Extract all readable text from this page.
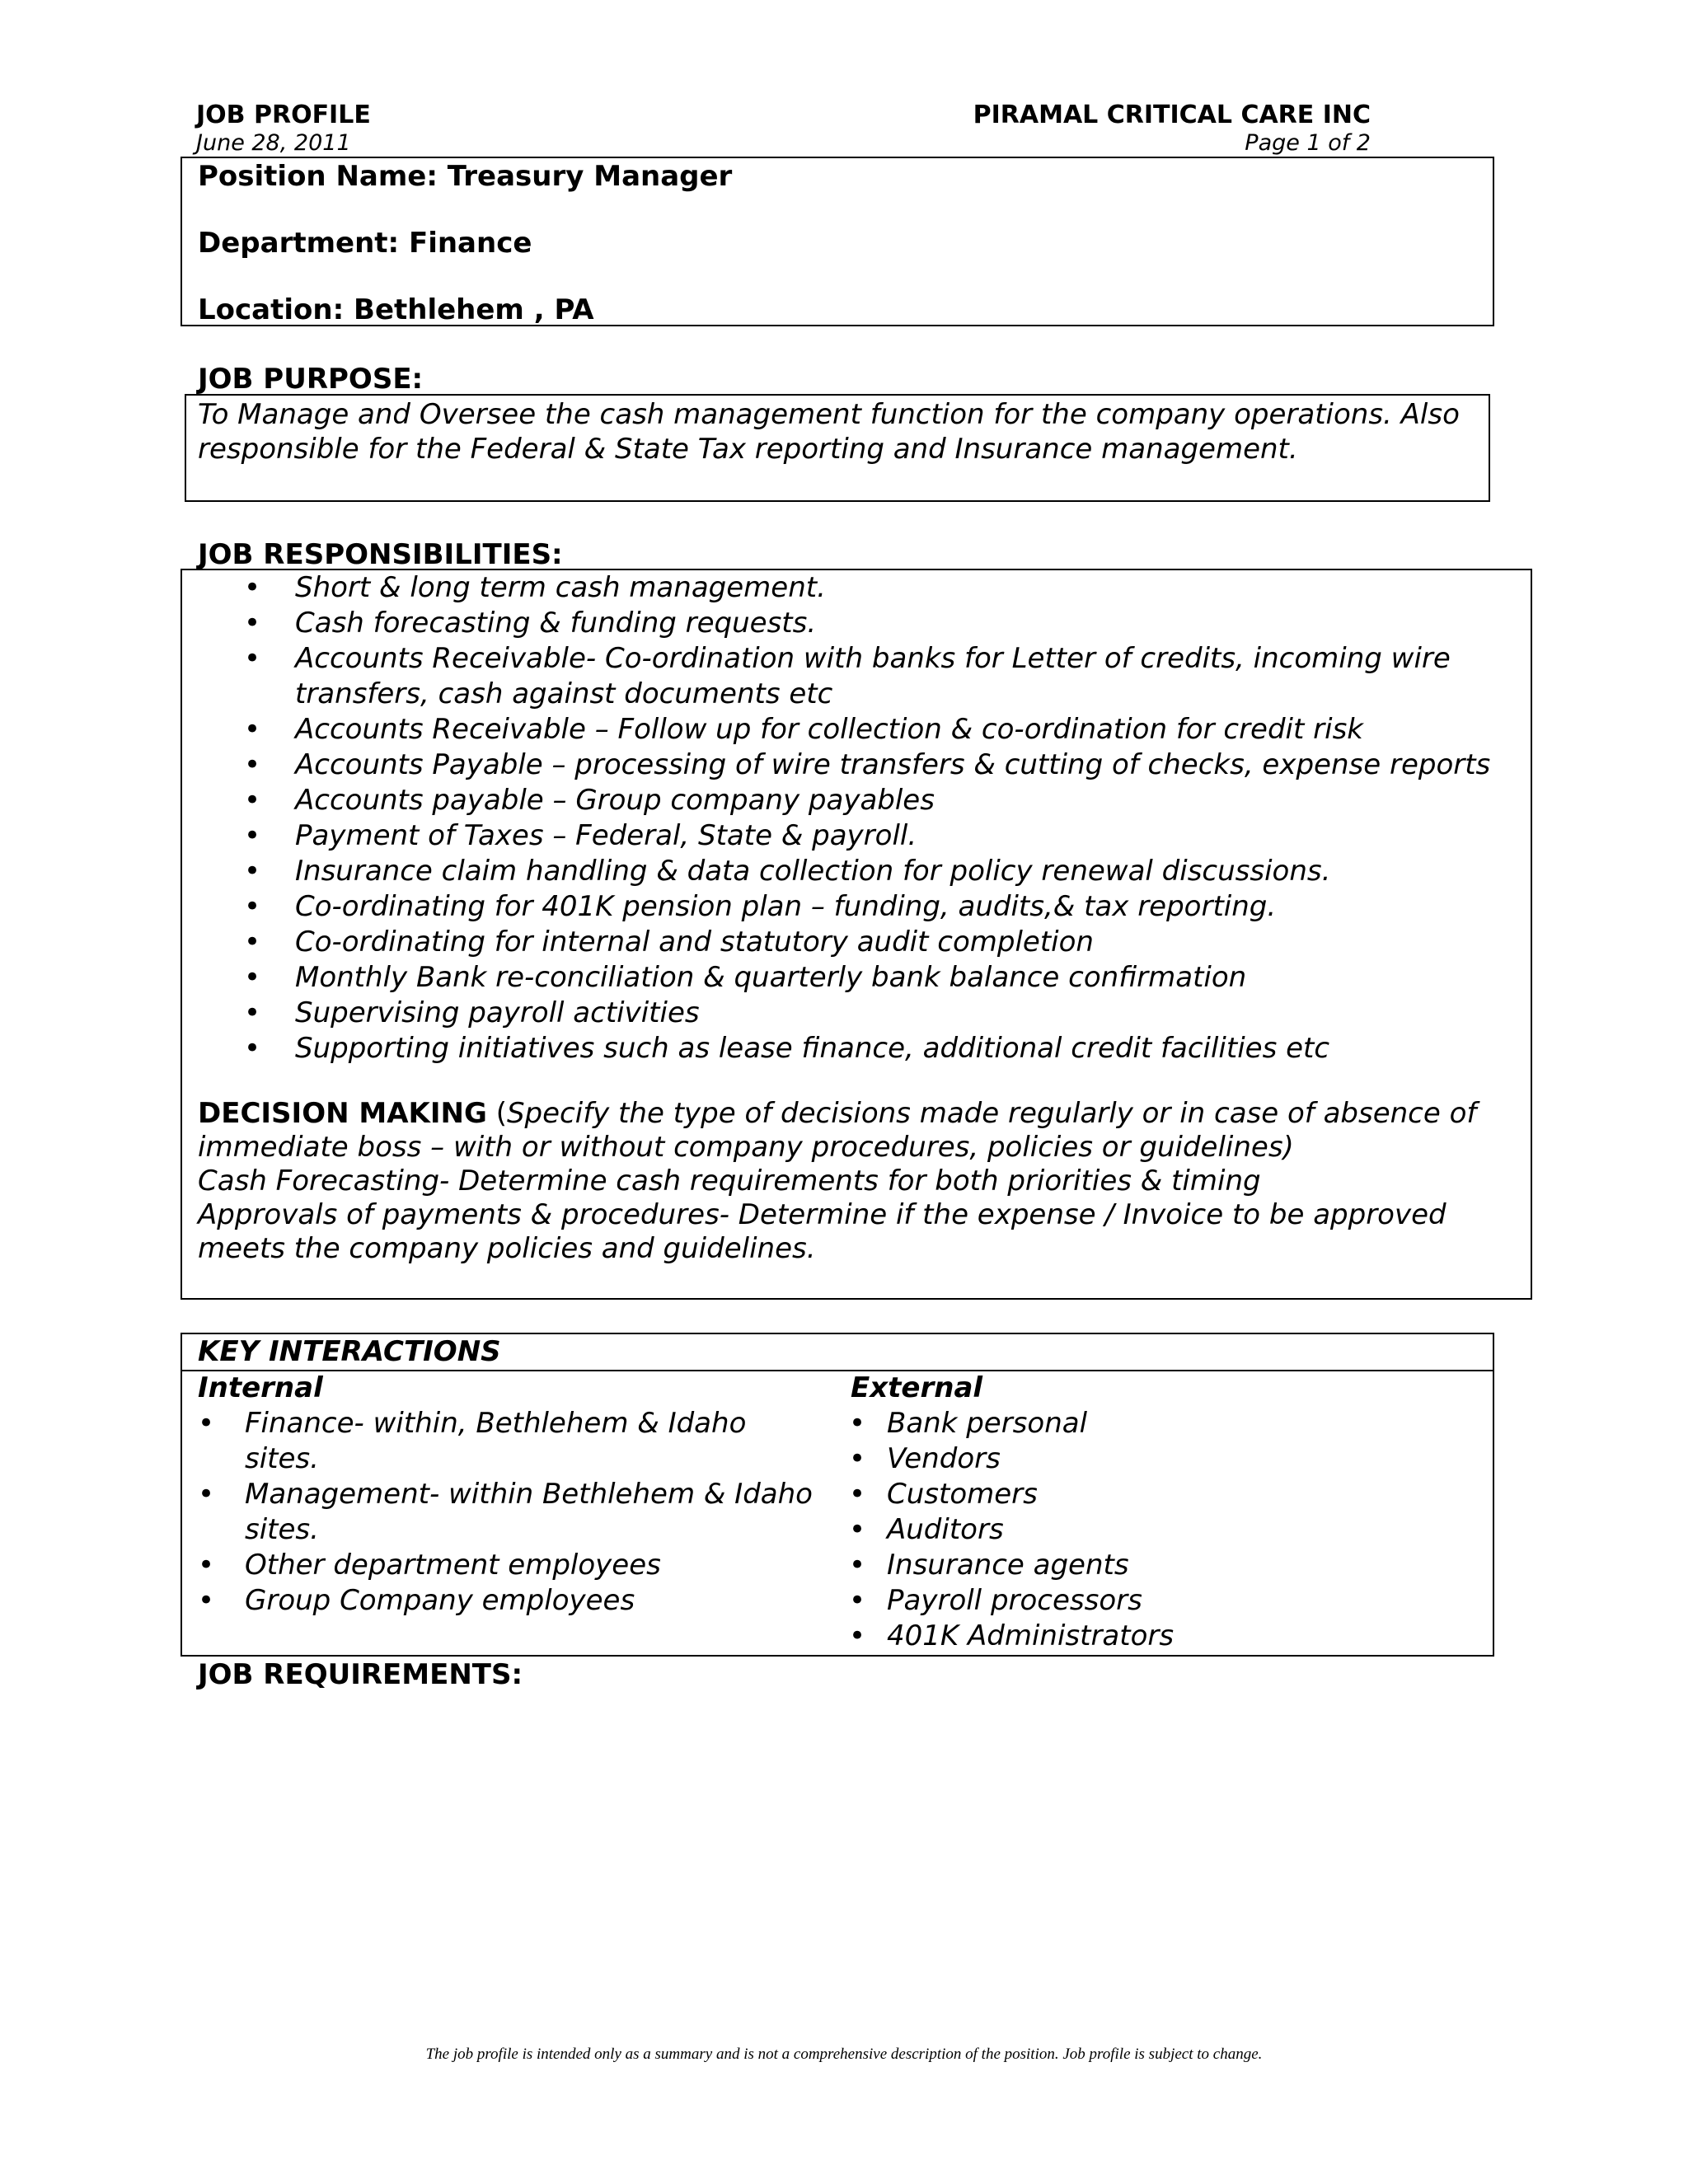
JOB PROFILE
June 28, 2011
PIRAMAL CRITICAL CARE INC
Page 1 of 2
Position Name: Treasury Manager
Department: Finance
Location: Bethlehem , PA
JOB PURPOSE:
To Manage and Oversee the cash management function for the company operations. Also responsible for the Federal & State Tax reporting and Insurance management.
JOB RESPONSIBILITIES:
• Short & long term cash management.
• Cash forecasting & funding requests.
• Accounts Receivable- Co-ordination with banks for Letter of credits, incoming wire transfers, cash against documents etc
• Accounts Receivable – Follow up for collection & co-ordination for credit risk
• Accounts Payable – processing of wire transfers & cutting of checks, expense reports
• Accounts payable – Group company payables
• Payment of Taxes – Federal, State & payroll.
• Insurance claim handling & data collection for policy renewal discussions.
• Co-ordinating for 401K pension plan – funding, audits,& tax reporting.
• Co-ordinating for internal and statutory audit completion
• Monthly Bank re-conciliation & quarterly bank balance confirmation
• Supervising payroll activities
• Supporting initiatives such as lease finance, additional credit facilities etc
DECISION MAKING (Specify the type of decisions made regularly or in case of absence of immediate boss – with or without company procedures, policies or guidelines)
Cash Forecasting- Determine cash requirements for both priorities & timing
Approvals of payments & procedures- Determine if the expense / Invoice to be approved meets the company policies and guidelines.
KEY INTERACTIONS
Internal	External
• Finance- within, Bethlehem & Idaho sites.
• Management- within Bethlehem & Idaho sites.
• Other department employees
• Group Company employees
• Bank personal
• Vendors
• Customers
• Auditors
• Insurance agents
• Payroll processors
• 401K Administrators
JOB REQUIREMENTS:
The job profile is intended only as a summary and is not a comprehensive description of the position. Job profile is subject to change.
